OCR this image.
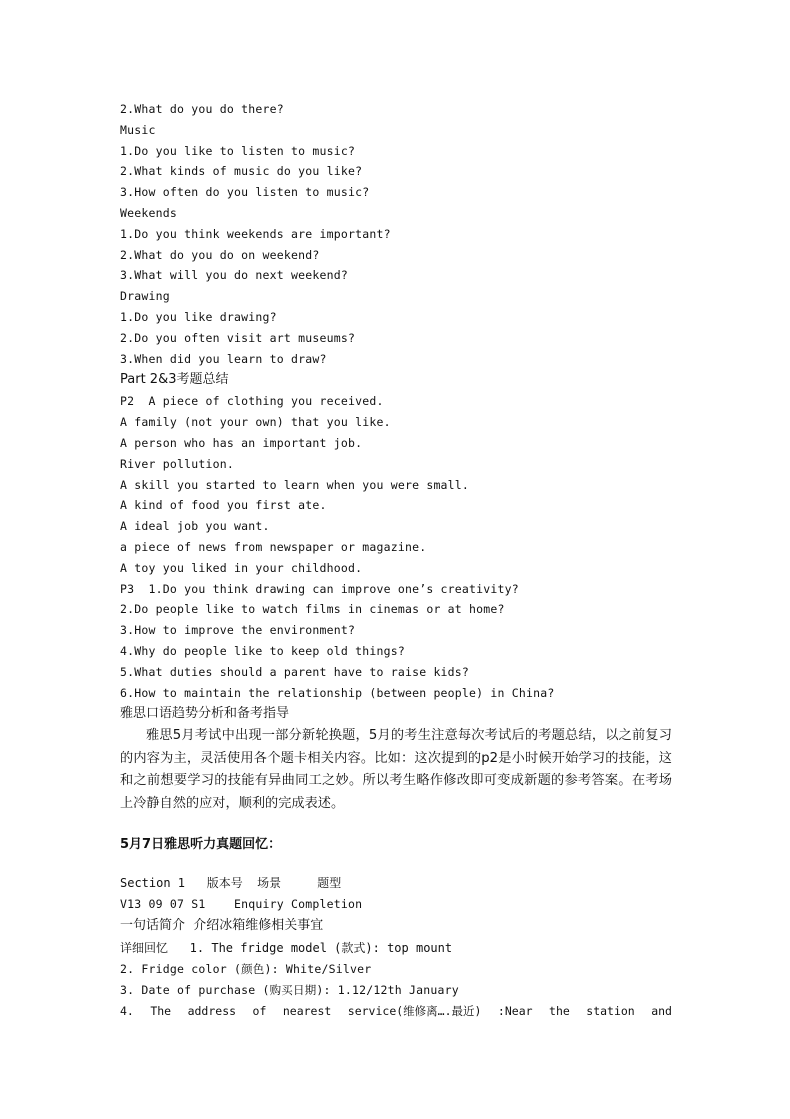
2.What do you do there?
Music
1.Do you like to listen to music?
2.What kinds of music do you like?
3.How often do you listen to music?
Weekends
1.Do you think weekends are important?
2.What do you do on weekend?
3.What will you do next weekend?
Drawing
1.Do you like drawing?
2.Do you often visit art museums?
3.When did you learn to draw?
Part 2&3考题总结
P2  A piece of clothing you received.
A family (not your own) that you like.
A person who has an important job.
River pollution.
A skill you started to learn when you were small.
A kind of food you first ate.
A ideal job you want.
a piece of news from newspaper or magazine.
A toy you liked in your childhood.
P3  1.Do you think drawing can improve one’s creativity?
2.Do people like to watch films in cinemas or at home?
3.How to improve the environment?
4.Why do people like to keep old things?
5.What duties should a parent have to raise kids?
6.How to maintain the relationship (between people) in China?
雅思口语趋势分析和备考指导

雅思5月考试中出现一部分新轮换题，5月的考生注意每次考试后的考题总结，以之前复习的内容为主，灵活使用各个题卡相关内容。比如：这次提到的p2是小时候开始学习的技能，这和之前想要学习的技能有异曲同工之妙。所以考生略作修改即可变成新题的参考答案。在考场上冷静自然的应对，顺利的完成表述。

5月7日雅思听力真题回忆：
Section 1   版本号  场景     题型
V13 09 07 S1    Enquiry Completion
一句话简介  介绍冰箱维修相关事宜
详细回忆   1. The fridge model (款式): top mount
2. Fridge color (颜色): White/Silver
3. Date of purchase (购买日期): 1.12/12th January
4. The address of nearest service(维修离….最近) :Near the station and
